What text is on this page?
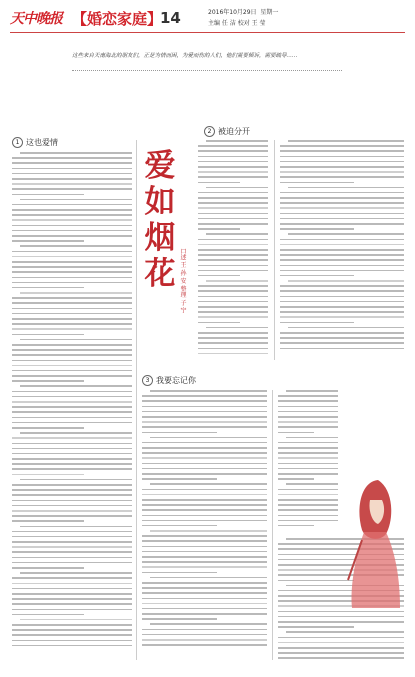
天中晚报 【婚恋家庭】
14	2016年10月29日 星期一
主编 任 洁 校对 王 莹
这些来自天南海北的朋友们，正是为情而困，为爱而伤的人们，他们需要倾诉，需要疏导……
1 这也爱情
2 被迫分开
3 我要忘记你
爱如烟花 口述 王 孙 安 整理 子 宁
